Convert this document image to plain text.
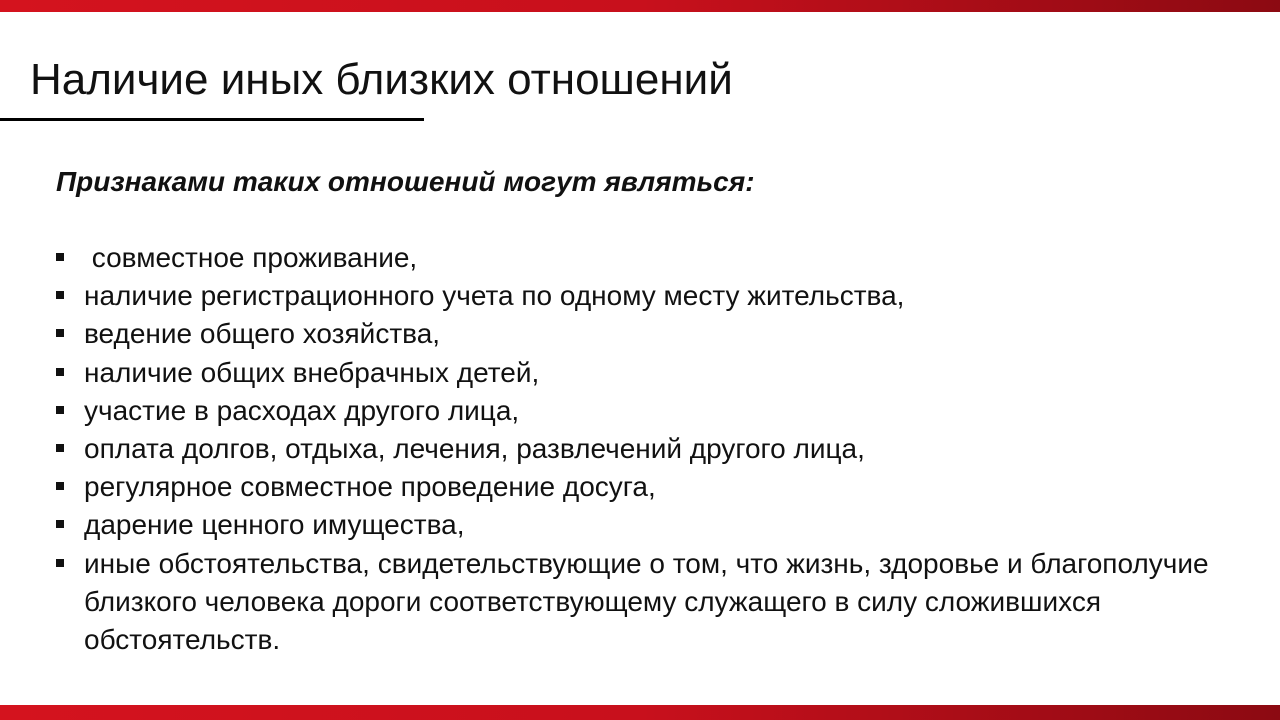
Наличие иных близких отношений
Признаками таких отношений могут являться:
совместное проживание,
наличие регистрационного учета по одному месту жительства,
ведение общего хозяйства,
наличие общих внебрачных детей,
участие в расходах другого лица,
оплата долгов, отдыха, лечения, развлечений другого лица,
регулярное совместное проведение досуга,
дарение ценного имущества,
иные обстоятельства, свидетельствующие о том, что жизнь, здоровье и благополучие близкого человека дороги соответствующему служащего в силу сложившихся обстоятельств.
